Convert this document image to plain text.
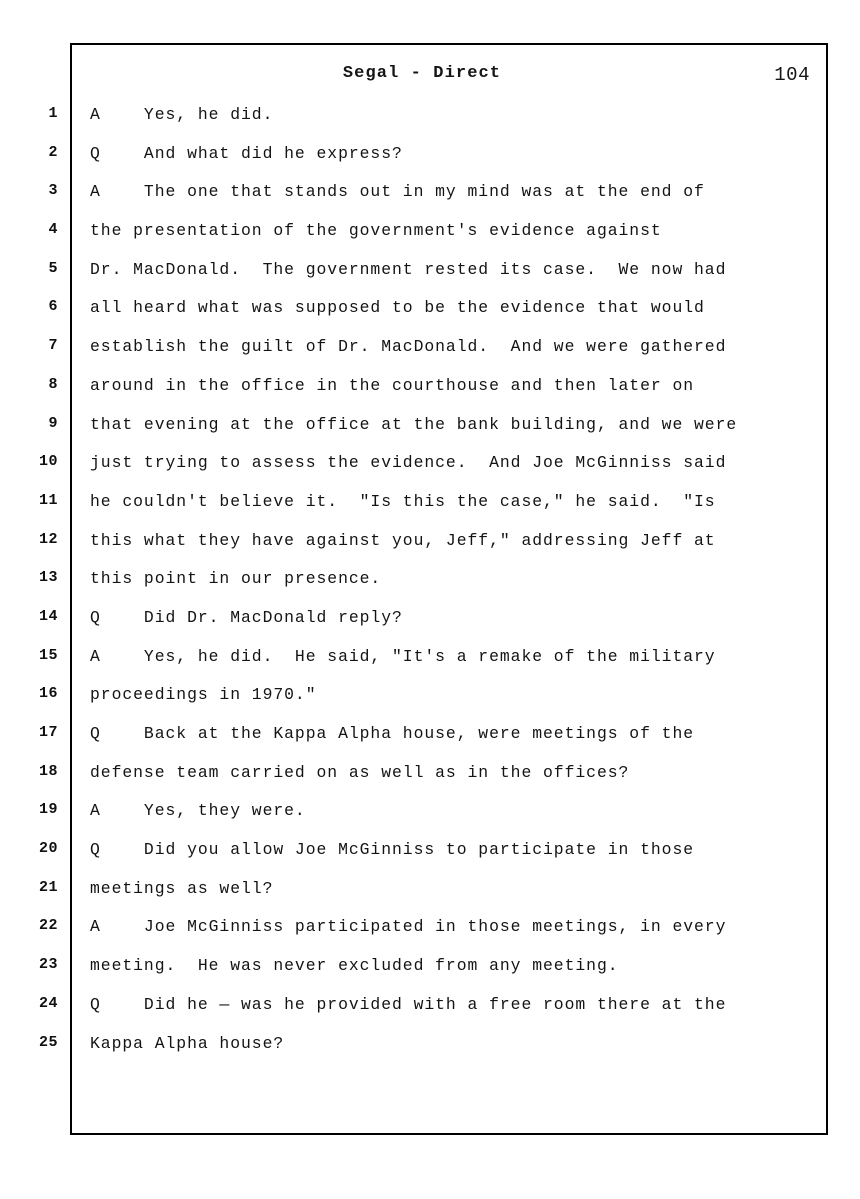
Segal - Direct	104
1 A    Yes, he did.
2 Q    And what did he express?
3 A    The one that stands out in my mind was at the end of
4 the presentation of the government's evidence against
5 Dr. MacDonald.  The government rested its case.  We now had
6 all heard what was supposed to be the evidence that would
7 establish the guilt of Dr. MacDonald.  And we were gathered
8 around in the office in the courthouse and then later on
9 that evening at the office at the bank building, and we were
10 just trying to assess the evidence.  And Joe McGinniss said
11 he couldn't believe it.  "Is this the case," he said.  "Is
12 this what they have against you, Jeff," addressing Jeff at
13 this point in our presence.
14 Q    Did Dr. MacDonald reply?
15 A    Yes, he did.  He said, "It's a remake of the military
16 proceedings in 1970."
17 Q    Back at the Kappa Alpha house, were meetings of the
18 defense team carried on as well as in the offices?
19 A    Yes, they were.
20 Q    Did you allow Joe McGinniss to participate in those
21 meetings as well?
22 A    Joe McGinniss participated in those meetings, in every
23 meeting.  He was never excluded from any meeting.
24 Q    Did he — was he provided with a free room there at the
25 Kappa Alpha house?
